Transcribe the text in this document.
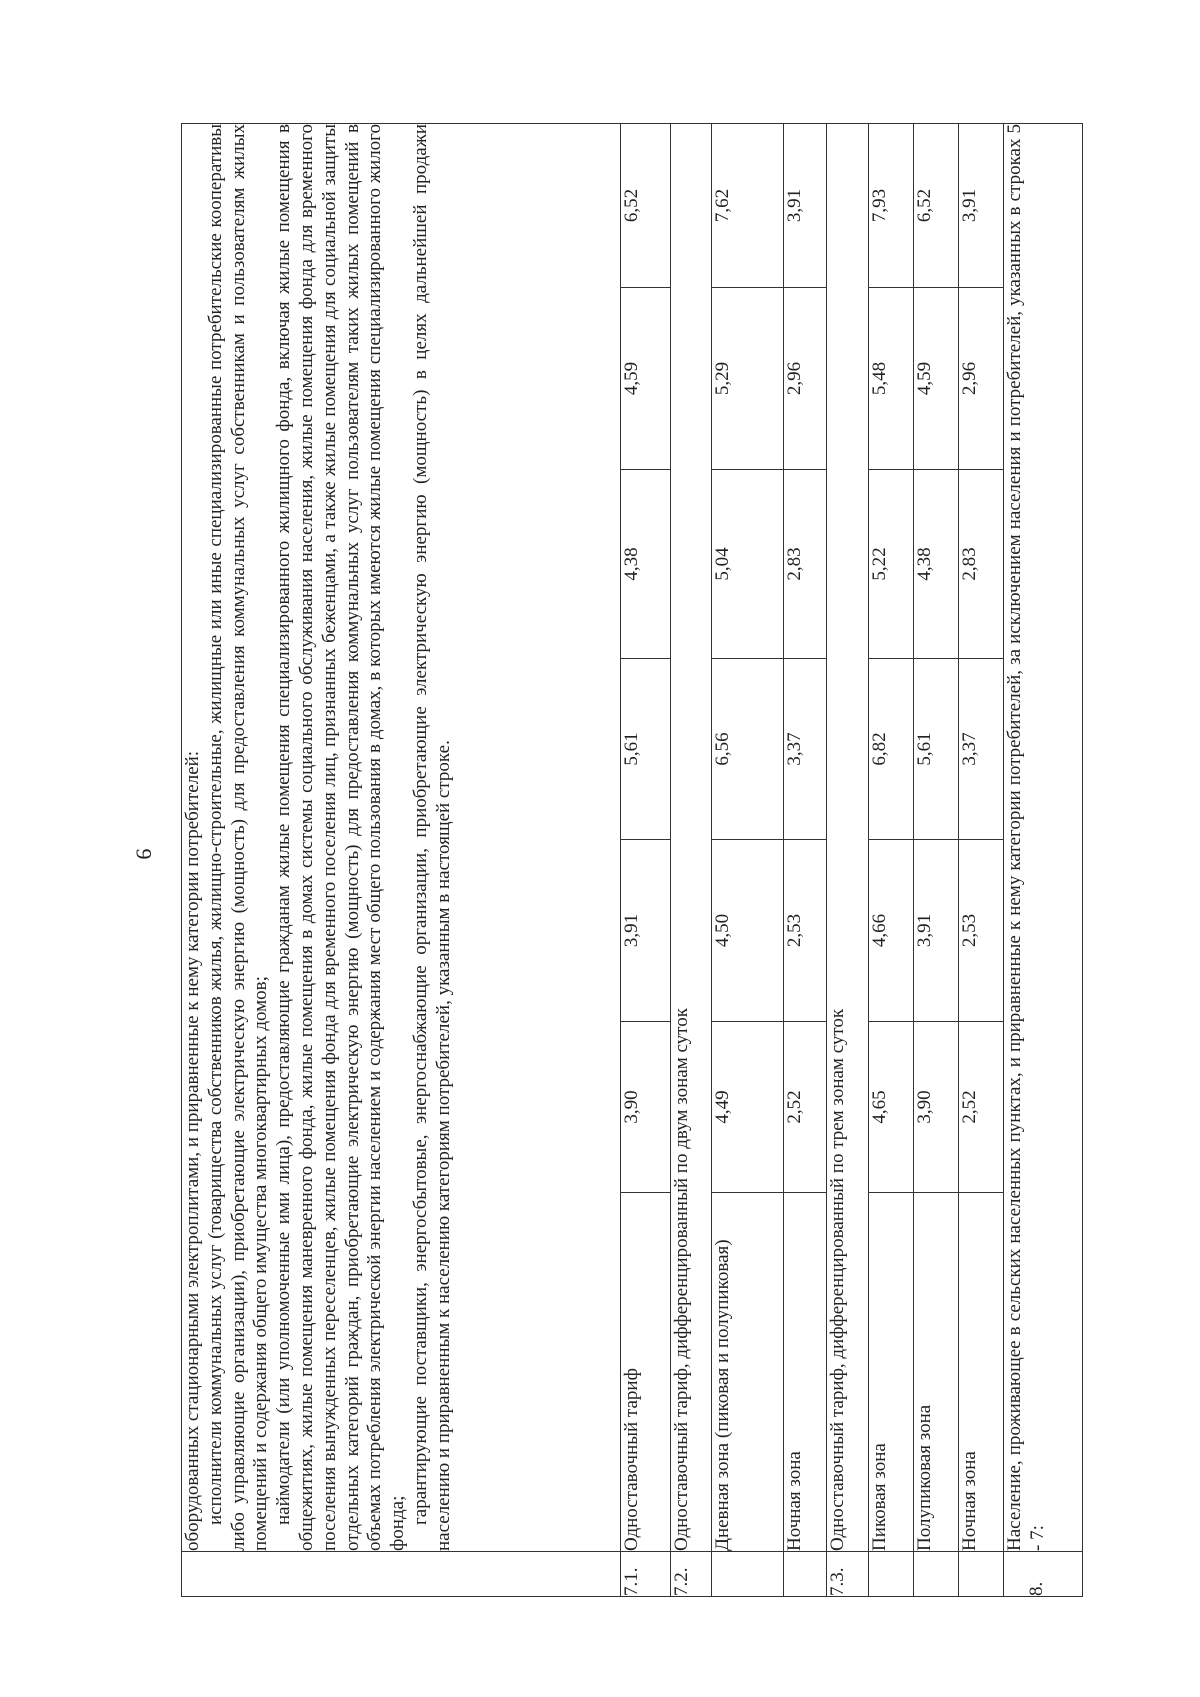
9

	оборудованных стационарными электроплитами, и приравненные к нему категории потребителей: исполнители коммунальных услуг (товарищества собственников жилья, жилищно-строительные, жилищные или иные специализированные потребительские кооперативы либо управляющие организации), приобретающие электрическую энергию (мощность) для предоставления коммунальных услуг собственникам и пользователям жилых помещений и содержания общего имущества многоквартирных домов; наймодатели (или уполномоченные ими лица), предоставляющие гражданам жилые помещения специализированного жилищного фонда, включая жилые помещения в общежитиях, жилые помещения маневренного фонда, жилые помещения в домах системы социального обслуживания населения, жилые помещения фонда для временного поселения вынужденных переселенцев, жилые помещения фонда для временного поселения лиц, признанных беженцами, а также жилые помещения для социальной защиты отдельных категорий граждан, приобретающие электрическую энергию (мощность) для предоставления коммунальных услуг пользователям таких жилых помещений в объемах потребления электрической энергии населением и содержания мест общего пользования в домах, в которых имеются жилые помещения специализированного жилого фонда; гарантирующие поставщики, энергосбытовые, энергоснабжающие организации, приобретающие электрическую энергию (мощность) в целях дальнейшей продажи населению и приравненным к населению категориям потребителей, указанным в настоящей строке.						

7.1.	Одноставочный тариф	3,90	3,91	5,61	4,38	4,59	6,52
7.2.	Одноставочный тариф, дифференцированный по двум зонам суток						
	Дневная зона (пиковая и полупиковая)	4,49	4,50	6,56	5,04	5,29	7,62
	Ночная зона	2,52	2,53	3,37	2,83	2,96	3,91
7.3.	Одноставочный тариф, дифференцированный по трем зонам суток						
	Пиковая зона	4,65	4,66	6,82	5,22	5,48	7,93
	Полупиковая зона	3,90	3,91	5,61	4,38	4,59	6,52
	Ночная зона	2,52	2,53	3,37	2,83	2,96	3,91
8.	Население, проживающее в сельских населенных пунктах, и приравненные к нему категории потребителей, за исключением населения и потребителей, указанных в строках 5 - 7:						
